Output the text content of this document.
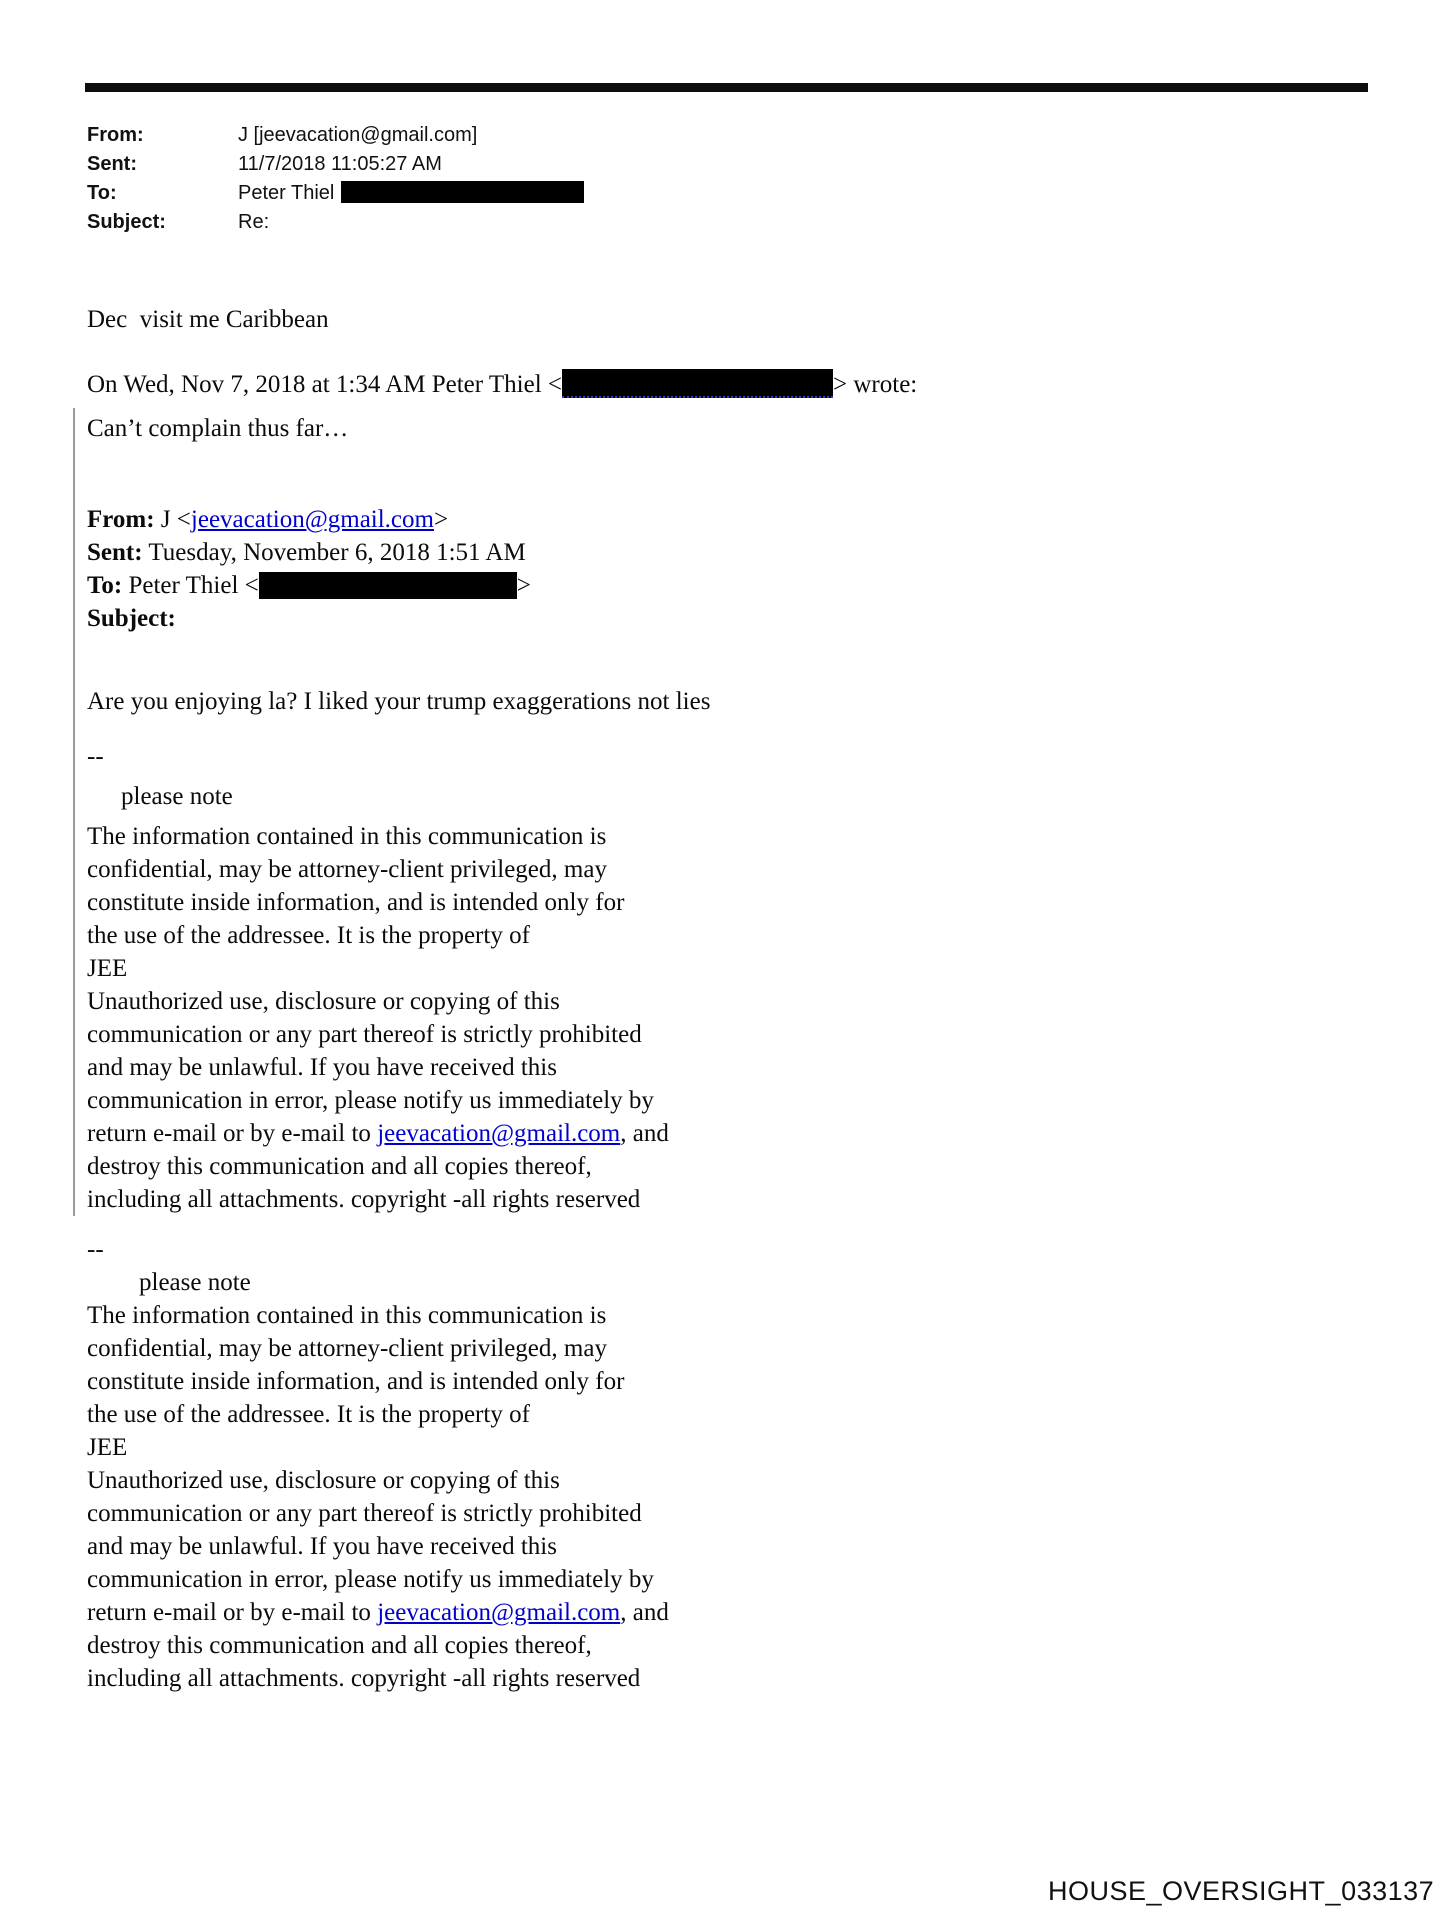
From:	J [jeevacation@gmail.com]
Sent:	11/7/2018 11:05:27 AM
To:	Peter Thiel
Subject:	Re:
Dec  visit me Caribbean
On Wed, Nov 7, 2018 at 1:34 AM Peter Thiel <	> wrote:
Can’t complain thus far…
From: J <jeevacation@gmail.com>
Sent: Tuesday, November 6, 2018 1:51 AM
To: Peter Thiel <	>
Subject:
Are you enjoying la? I liked your trump exaggerations not lies
--
please note
The information contained in this communication is
confidential, may be attorney-client privileged, may
constitute inside information, and is intended only for
the use of the addressee. It is the property of
JEE
Unauthorized use, disclosure or copying of this
communication or any part thereof is strictly prohibited
and may be unlawful. If you have received this
communication in error, please notify us immediately by
return e-mail or by e-mail to jeevacation@gmail.com, and
destroy this communication and all copies thereof,
including all attachments. copyright -all rights reserved
--
please note
The information contained in this communication is
confidential, may be attorney-client privileged, may
constitute inside information, and is intended only for
the use of the addressee. It is the property of
JEE
Unauthorized use, disclosure or copying of this
communication or any part thereof is strictly prohibited
and may be unlawful. If you have received this
communication in error, please notify us immediately by
return e-mail or by e-mail to jeevacation@gmail.com, and
destroy this communication and all copies thereof,
including all attachments. copyright -all rights reserved
HOUSE_OVERSIGHT_033137
